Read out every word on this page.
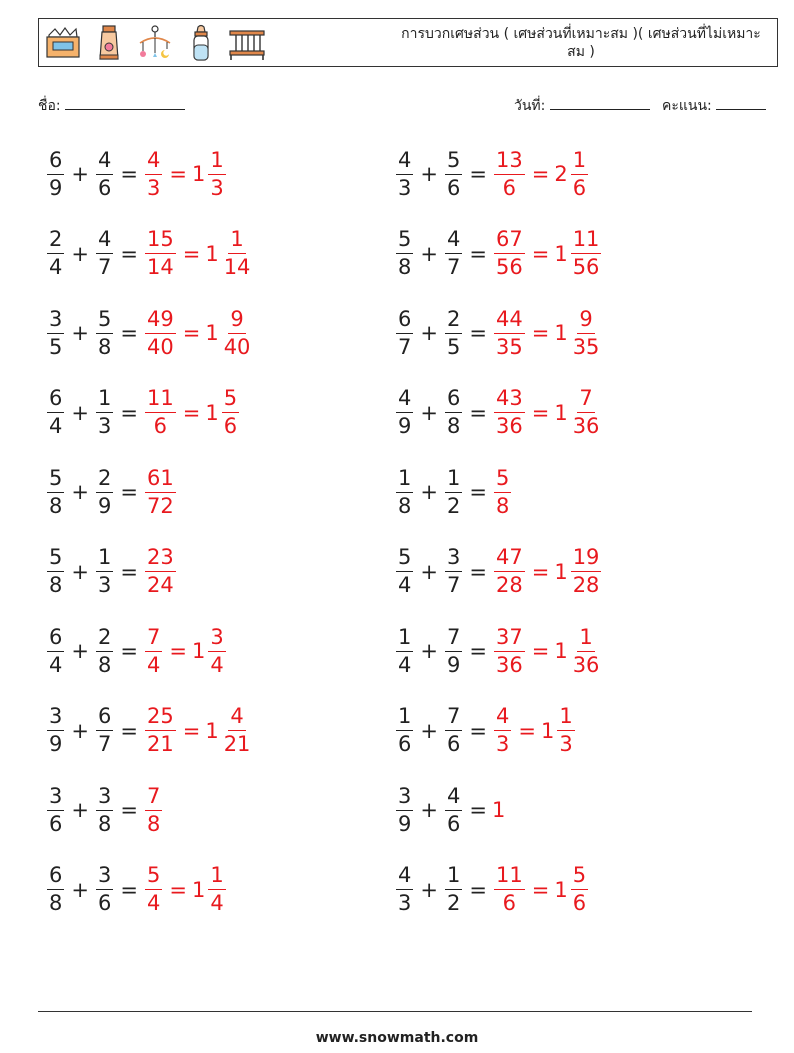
การบวกเศษส่วน ( เศษส่วนที่เหมาะสม )( เศษส่วนที่ไม่เหมาะสม )
ชื่อ:	วันที่:	คะแนน:
$\frac{6}{9} + \frac{4}{6} = \frac{4}{3} = 1 \frac{1}{3}$	$\frac{4}{3} + \frac{5}{6} = \frac{13}{6} = 2 \frac{1}{6}$
$\frac{2}{4} + \frac{4}{7} = \frac{15}{14} = 1 \frac{1}{14}$	$\frac{5}{8} + \frac{4}{7} = \frac{67}{56} = 1 \frac{11}{56}$
$\frac{3}{5} + \frac{5}{8} = \frac{49}{40} = 1 \frac{9}{40}$	$\frac{6}{7} + \frac{2}{5} = \frac{44}{35} = 1 \frac{9}{35}$
$\frac{6}{4} + \frac{1}{3} = \frac{11}{6} = 1 \frac{5}{6}$	$\frac{4}{9} + \frac{6}{8} = \frac{43}{36} = 1 \frac{7}{36}$
$\frac{5}{8} + \frac{2}{9} = \frac{61}{72}$	$\frac{1}{8} + \frac{1}{2} = \frac{5}{8}$
$\frac{5}{8} + \frac{1}{3} = \frac{23}{24}$	$\frac{5}{4} + \frac{3}{7} = \frac{47}{28} = 1 \frac{19}{28}$
$\frac{6}{4} + \frac{2}{8} = \frac{7}{4} = 1 \frac{3}{4}$	$\frac{1}{4} + \frac{7}{9} = \frac{37}{36} = 1 \frac{1}{36}$
$\frac{3}{9} + \frac{6}{7} = \frac{25}{21} = 1 \frac{4}{21}$	$\frac{1}{6} + \frac{7}{6} = \frac{4}{3} = 1 \frac{1}{3}$
$\frac{3}{6} + \frac{3}{8} = \frac{7}{8}$	$\frac{3}{9} + \frac{4}{6} = 1$
$\frac{6}{8} + \frac{3}{6} = \frac{5}{4} = 1 \frac{1}{4}$	$\frac{4}{3} + \frac{1}{2} = \frac{11}{6} = 1 \frac{5}{6}$
www.snowmath.com
